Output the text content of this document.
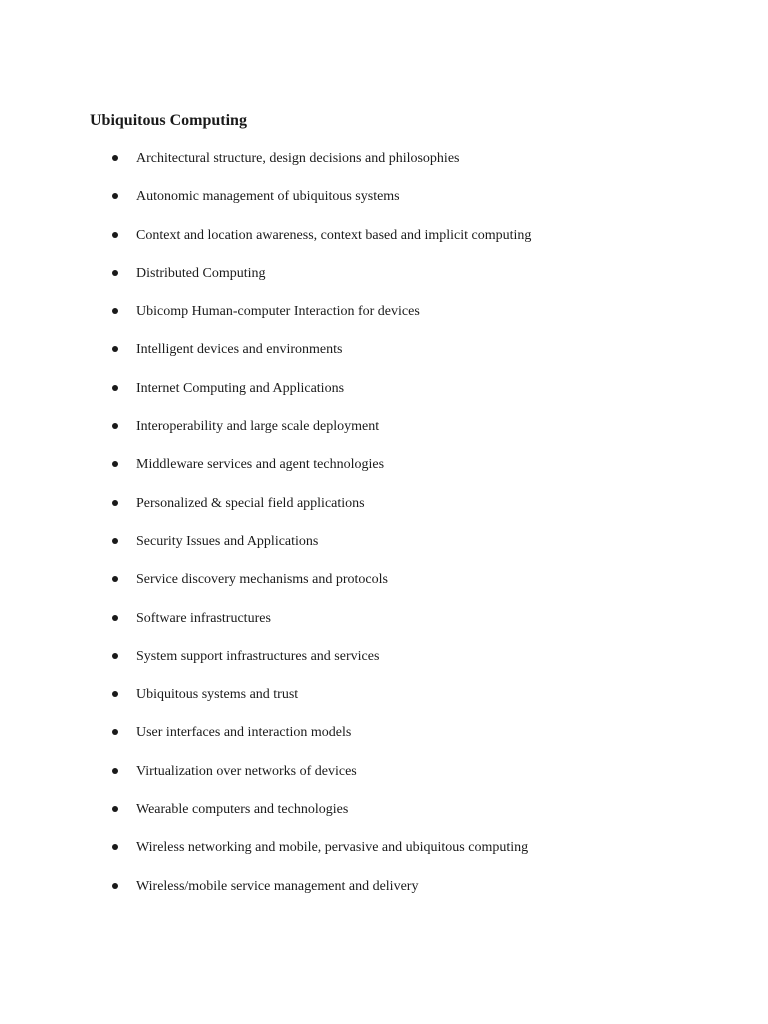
Ubiquitous Computing
Architectural structure, design decisions and philosophies
Autonomic management of ubiquitous systems
Context and location awareness, context based and implicit computing
Distributed Computing
Ubicomp Human-computer Interaction for devices
Intelligent devices and environments
Internet Computing and Applications
Interoperability and large scale deployment
Middleware services and agent technologies
Personalized & special field applications
Security Issues and Applications
Service discovery mechanisms and protocols
Software infrastructures
System support infrastructures and services
Ubiquitous systems and trust
User interfaces and interaction models
Virtualization over networks of devices
Wearable computers and technologies
Wireless networking and mobile, pervasive and ubiquitous computing
Wireless/mobile service management and delivery
